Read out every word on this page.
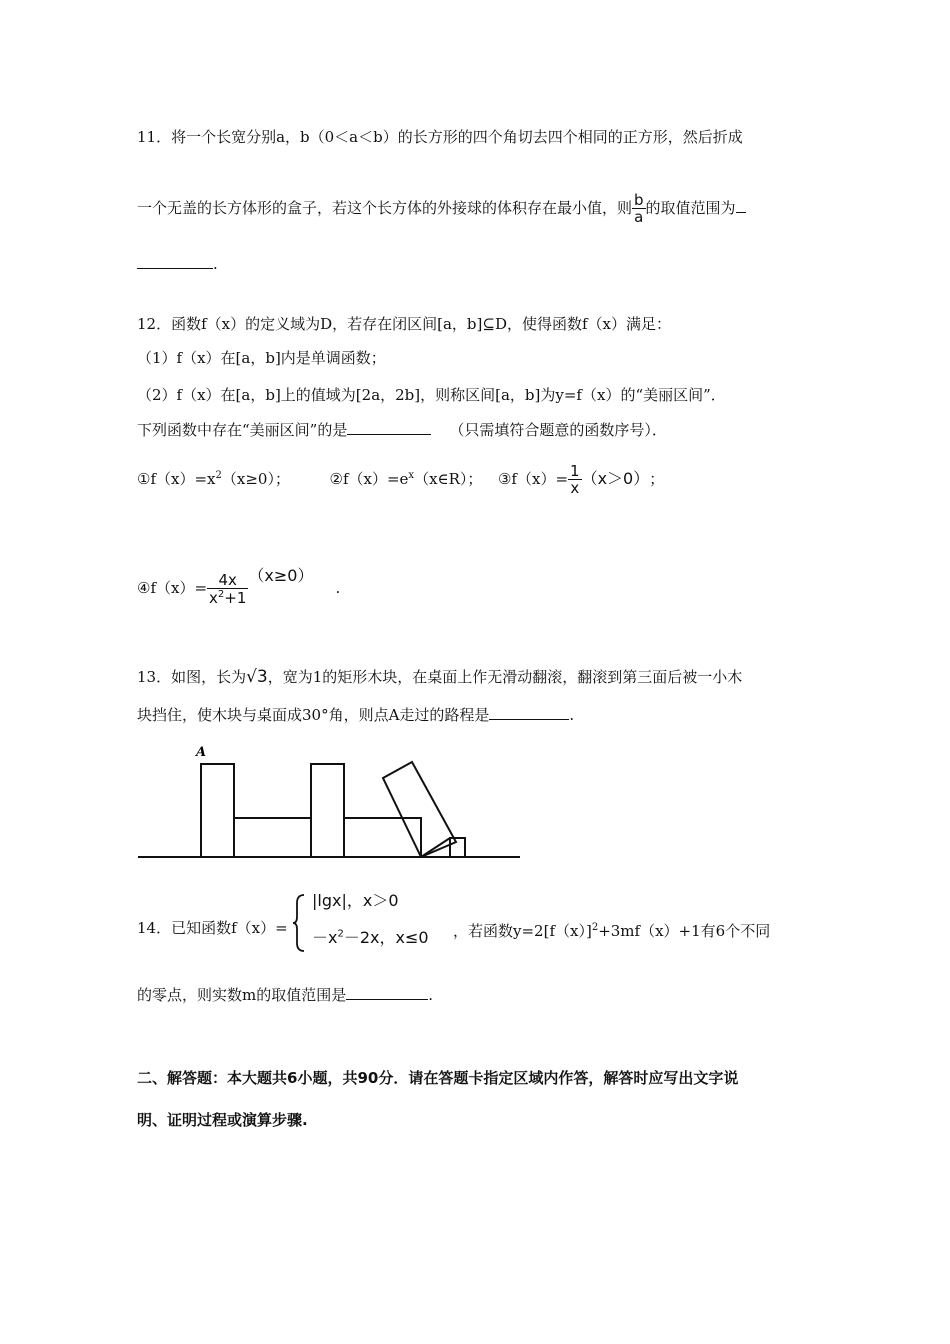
11．将一个长宽分别a，b（0＜a＜b）的长方形的四个角切去四个相同的正方形，然后折成
一个无盖的长方体形的盒子，若这个长方体的外接球的体积存在最小值，则 $\frac{b}{a}$ 的取值范围为
.
12．函数f（x）的定义域为D，若存在闭区间[a，b]⊆D，使得函数f（x）满足：
（1）f（x）在[a，b]内是单调函数；
（2）f（x）在[a，b]上的值域为[2a，2b]，则称区间[a，b]为y=f（x）的“美丽区间”．
下列函数中存在“美丽区间”的是	（只需填符合题意的函数序号）．
$①f(x)=x^2(x\ge 0)$；	$②f(x)=e^x(x\in R)$； ③f（x）= $\frac{1}{x} (x>0)$ ；
④f（x）= $\frac{4x}{x^2+1} (x\ge 0)$.
13．如图，长为√3，宽为1的矩形木块，在桌面上作无滑动翻滚，翻滚到第三面后被一小木
块挡住，使木块与桌面成30°角，则点A走过的路程是	.
A
14．已知函数f（x）=
|lgx|，x＞0
$-x^2-2x$，x≤0 ，若函数$y=2[f(x)]^2+3mf(x)+1$有6个不同
的零点，则实数m的取值范围是	.
二、解答题：本大题共6小题，共90分．请在答题卡指定区域内作答，解答时应写出文字说
明、证明过程或演算步骤.
